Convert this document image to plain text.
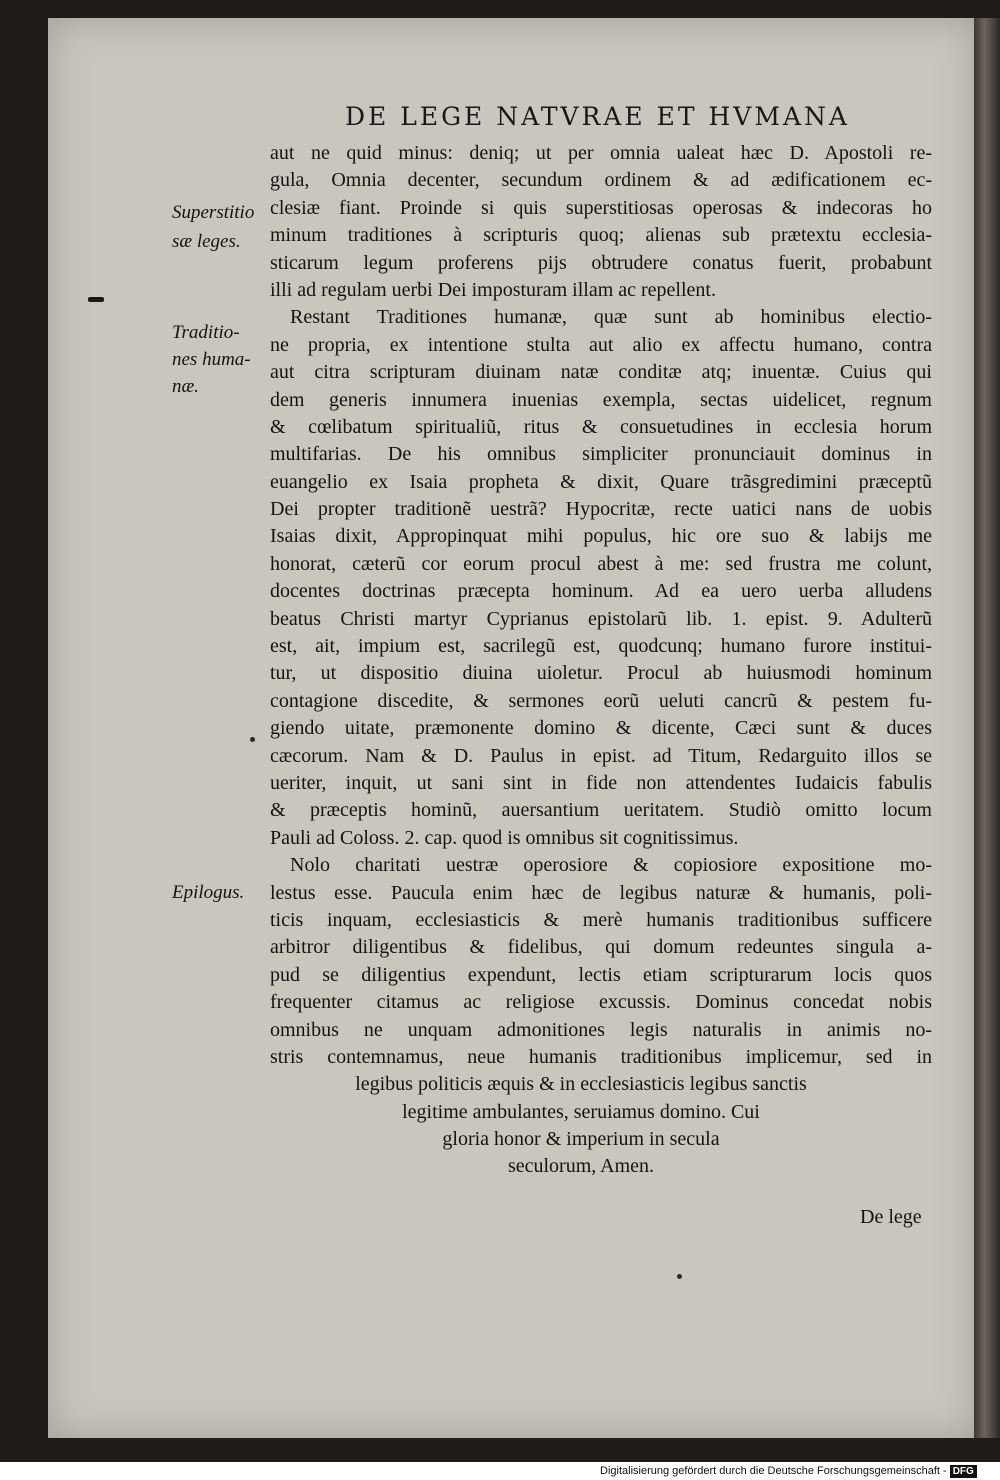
DE LEGE NATVRAE ET HVMANA
Superstitio
sæ leges.
Traditio-
nes huma-
næ.
Epilogus.
aut ne quid minus: deniq; ut per omnia ualeat hæc D. Apostoli re-
gula, Omnia decenter, secundum ordinem & ad ædificationem ec-
clesiæ fiant. Proinde si quis superstitiosas operosas & indecoras ho
minum traditiones à scripturis quoq; alienas sub prætextu ecclesia-
sticarum legum proferens pijs obtrudere conatus fuerit, probabunt
illi ad regulam uerbi Dei imposturam illam ac repellent.
Restant Traditiones humanæ, quæ sunt ab hominibus electio-
ne propria, ex intentione stulta aut alio ex affectu humano, contra
aut citra scripturam diuinam natæ conditæ atq; inuentæ. Cuius qui
dem generis innumera inuenias exempla, sectas uidelicet, regnum
& cœlibatum spiritualiũ, ritus & consuetudines in ecclesia horum
multifarias. De his omnibus simpliciter pronunciauit dominus in
euangelio ex Isaia propheta & dixit, Quare trãsgredimini præceptũ
Dei propter traditionẽ uestrã? Hypocritæ, recte uatici nans de uobis
Isaias dixit, Appropinquat mihi populus, hic ore suo & labijs me
honorat, cæterũ cor eorum procul abest à me: sed frustra me colunt,
docentes doctrinas præcepta hominum. Ad ea uero uerba alludens
beatus Christi martyr Cyprianus epistolarũ lib. 1. epist. 9. Adulterũ
est, ait, impium est, sacrilegũ est, quodcunq; humano furore institui-
tur, ut dispositio diuina uioletur. Procul ab huiusmodi hominum
contagione discedite, & sermones eorũ ueluti cancrũ & pestem fu-
giendo uitate, præmonente domino & dicente, Cæci sunt & duces
cæcorum. Nam & D. Paulus in epist. ad Titum, Redarguito illos se
ueriter, inquit, ut sani sint in fide non attendentes Iudaicis fabulis
& præceptis hominũ, auersantium ueritatem. Studiò omitto locum
Pauli ad Coloss. 2. cap. quod is omnibus sit cognitissimus.
Nolo charitati uestræ operosiore & copiosiore expositione mo-
lestus esse. Paucula enim hæc de legibus naturæ & humanis, poli-
ticis inquam, ecclesiasticis & merè humanis traditionibus sufficere
arbitror diligentibus & fidelibus, qui domum redeuntes singula a-
pud se diligentius expendunt, lectis etiam scripturarum locis quos
frequenter citamus ac religiose excussis. Dominus concedat nobis
omnibus ne unquam admonitiones legis naturalis in animis no-
stris contemnamus, neue humanis traditionibus implicemur, sed in
legibus politicis æquis & in ecclesiasticis legibus sanctis
legitime ambulantes, seruiamus domino. Cui
gloria honor & imperium in secula
seculorum, Amen.
De lege
Digitalisierung gefördert durch die Deutsche Forschungsgemeinschaft - DFG
